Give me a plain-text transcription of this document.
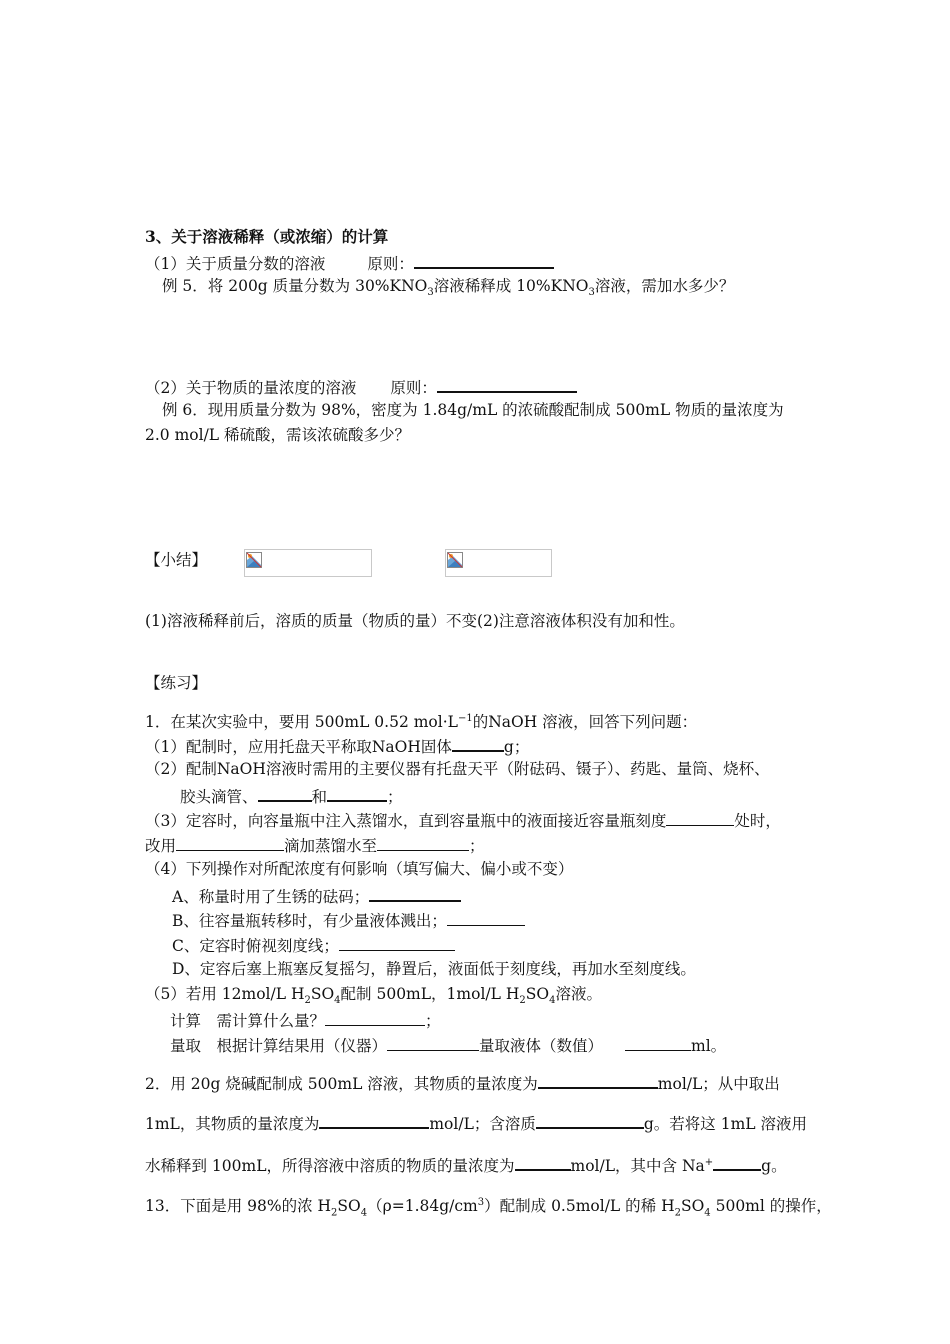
3、关于溶液稀释（或浓缩）的计算
（1）关于质量分数的溶液	原则：
例 5．将 200g 质量分数为 $30\%KNO_3$溶液稀释成 $10\%KNO_3$溶液，需加水多少？
（2）关于物质的量浓度的溶液 原则：
例 6．现用质量分数为 98%，密度为 1.84g/mL 的浓硫酸配制成 500mL 物质的量浓度为
2.0 mol/L 稀硫酸，需该浓硫酸多少？
【小结】
(1)溶液稀释前后，溶质的质量（物质的量）不变(2)注意溶液体积没有加和性。
【练习】
1．在某次实验中，要用 500mL 0.52 $mol\cdot L^{-1}$的NaOH 溶液，回答下列问题：
（1）配制时，应用托盘天平称取NaOH固体	g；
（2）配制NaOH溶液时需用的主要仪器有托盘天平（附砝码、镊子）、药匙、量筒、烧杯、
胶头滴管、	和	；
（3）定容时，向容量瓶中注入蒸馏水，直到容量瓶中的液面接近容量瓶刻度	处时，
改用	滴加蒸馏水至	；
（4）下列操作对所配浓度有何影响（填写偏大、偏小或不变）
A、称量时用了生锈的砝码；
B、往容量瓶转移时，有少量液体溅出；
C、定容时俯视刻度线；
D、定容后塞上瓶塞反复摇匀，静置后，液面低于刻度线，再加水至刻度线。
（5）若用 12mol/L $H_2SO_4$配制 500mL，1mol/L $H_2SO_4$溶液。
计算　需计算什么量？	；
量取　根据计算结果用（仪器）	量取液体（数值）	ml。
2．用 20g 烧碱配制成 500mL 溶液，其物质的量浓度为	mol/L；从中取出
1mL，其物质的量浓度为	mol/L；含溶质	g。若将这 1mL 溶液用
水稀释到 100mL，所得溶液中溶质的物质的量浓度为	mol/L，其中含 Na+	g。
13．下面是用 98%的浓 $H_2SO_4(\rho=1.84g/cm^3)$配制成 0.5mol/L 的稀 $H_2SO_4$ 500ml 的操作，
